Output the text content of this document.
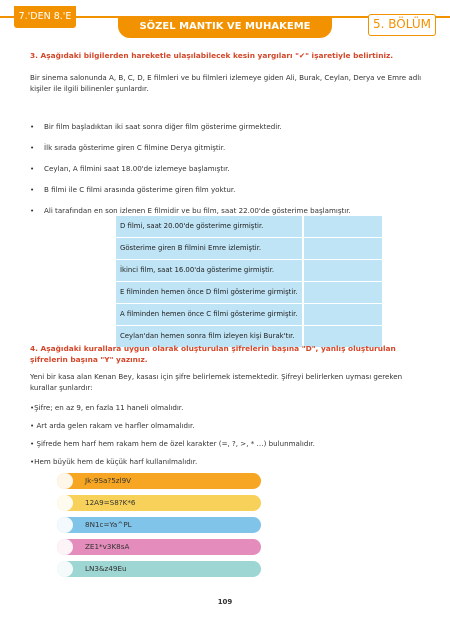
7.'DEN 8.'E
5. BÖLÜM
SÖZEL MANTIK VE MUHAKEME
3. Aşağıdaki bilgilerden hareketle ulaşılabilecek kesin yargıları "✔" işaretiyle belirtiniz.
Bir sinema salonunda A, B, C, D, E filmleri ve bu filmleri izlemeye giden Ali, Burak, Ceylan, Derya ve Emre adlı kişiler ile ilgili bilinenler şunlardır.
• Bir film başladıktan iki saat sonra diğer film gösterime girmektedir.
• İlk sırada gösterime giren C filmine Derya gitmiştir.
• Ceylan, A filmini saat 18.00'de izlemeye başlamıştır.
• B filmi ile C filmi arasında gösterime giren film yoktur.
• Ali tarafından en son izlenen E filmidir ve bu film, saat 22.00'de gösterime başlamıştır.
D filmi, saat 20.00'de gösterime girmiştir.
Gösterime giren B filmini Emre izlemiştir.
İkinci film, saat 16.00'da gösterime girmiştir.
E filminden hemen önce D filmi gösterime girmiştir.
A filminden hemen önce C filmi gösterime girmiştir.
Ceylan'dan hemen sonra film izleyen kişi Burak'tır.
4. Aşağıdaki kurallara uygun olarak oluşturulan şifrelerin başına "D", yanlış oluşturulan şifrelerin başına "Y" yazınız.
Yeni bir kasa alan Kenan Bey, kasası için şifre belirlemek istemektedir. Şifreyi belirlerken uyması gereken kurallar şunlardır:
•Şifre; en az 9, en fazla 11 haneli olmalıdır.
• Art arda gelen rakam ve harfler olmamalıdır.
• Şifrede hem harf hem rakam hem de özel karakter (=, ?, >, * …) bulunmalıdır.
•Hem büyük hem de küçük harf kullanılmalıdır.
Jk-9Sa?5zl9V
12A9=S8?K*6
8N1c=Ya^PL
ZE1*v3K8sA
LN3&z49Eu
109
